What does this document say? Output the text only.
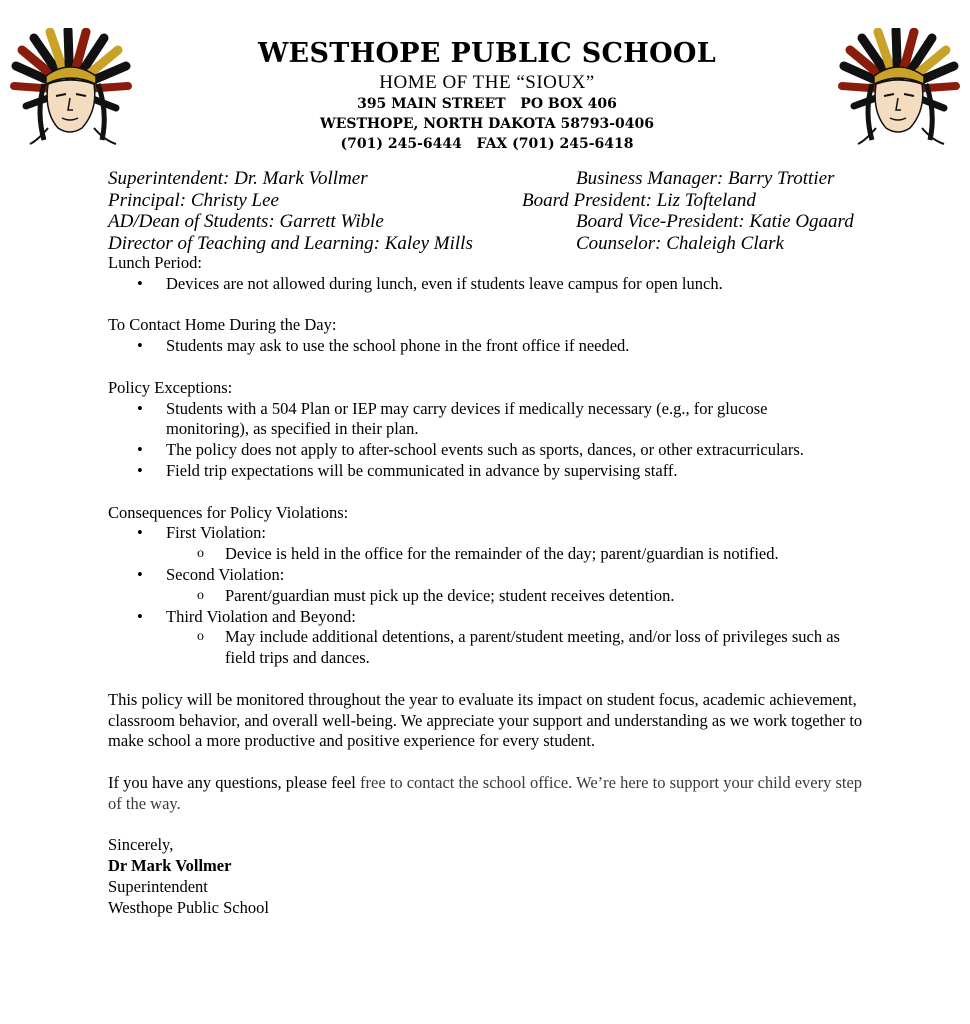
WESTHOPE PUBLIC SCHOOL
HOME OF THE “SIOUX”
395 MAIN STREET   PO BOX 406
WESTHOPE, NORTH DAKOTA 58793-0406
(701) 245-6444   FAX (701) 245-6418
Superintendent: Dr. Mark Vollmer	Business Manager: Barry Trottier
Principal: Christy Lee	Board President: Liz Tofteland
AD/Dean of Students: Garrett Wible	Board Vice-President: Katie Ogaard
Director of Teaching and Learning: Kaley Mills	Counselor: Chaleigh Clark

Lunch Period:

• Devices are not allowed during lunch, even if students leave campus for open lunch.

To Contact Home During the Day:

• Students may ask to use the school phone in the front office if needed.

Policy Exceptions:

• Students with a 504 Plan or IEP may carry devices if medically necessary (e.g., for glucose monitoring), as specified in their plan.
• The policy does not apply to after-school events such as sports, dances, or other extracurriculars.
• Field trip expectations will be communicated in advance by supervising staff.

Consequences for Policy Violations:

• First Violation:
o Device is held in the office for the remainder of the day; parent/guardian is notified.
• Second Violation:
o Parent/guardian must pick up the device; student receives detention.
• Third Violation and Beyond:
o May include additional detentions, a parent/student meeting, and/or loss of privileges such as field trips and dances.

This policy will be monitored throughout the year to evaluate its impact on student focus, academic achievement, classroom behavior, and overall well-being. We appreciate your support and understanding as we work together to make school a more productive and positive experience for every student.

If you have any questions, please feel free to contact the school office. We’re here to support your child every step of the way.

Sincerely,

Dr Mark Vollmer

Superintendent

Westhope Public School
